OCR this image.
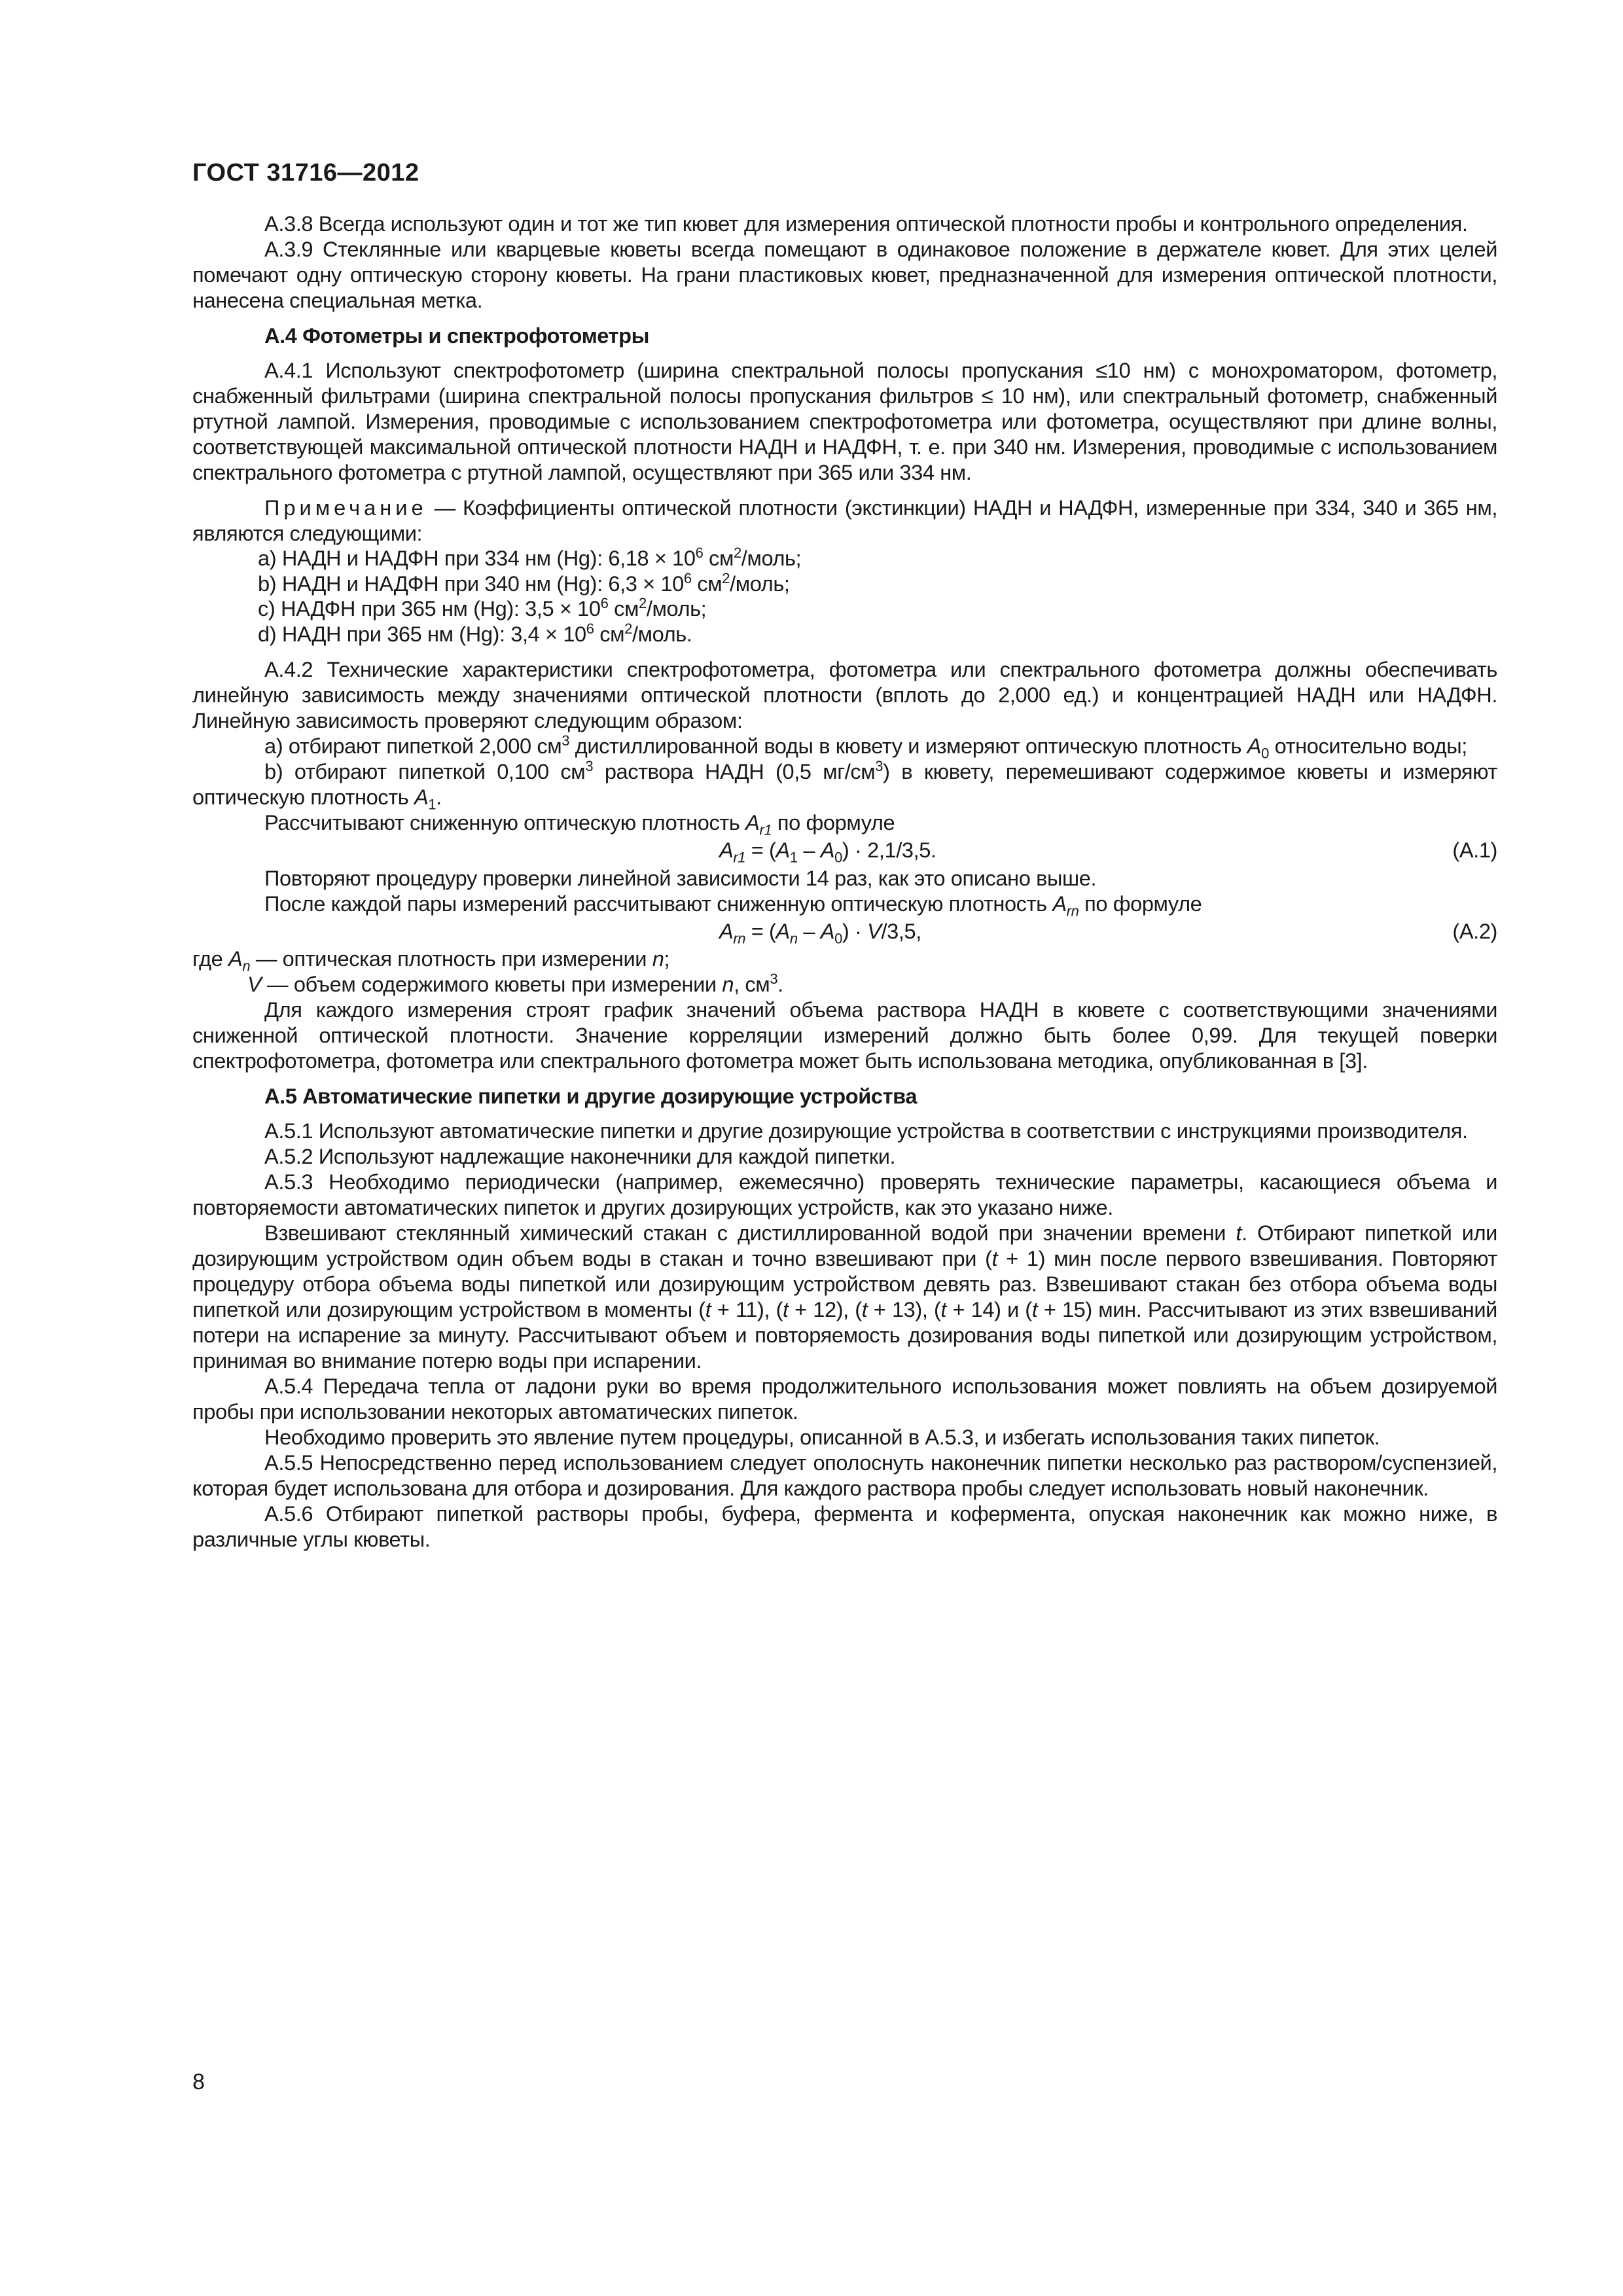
ГОСТ 31716—2012

А.3.8 Всегда используют один и тот же тип кювет для измерения оптической плотности пробы и контрольного определения.

А.3.9 Стеклянные или кварцевые кюветы всегда помещают в одинаковое положение в держателе кювет. Для этих целей помечают одну оптическую сторону кюветы. На грани пластиковых кювет, предназначенной для измерения оптической плотности, нанесена специальная метка.

А.4 Фотометры и спектрофотометры

А.4.1 Используют спектрофотометр (ширина спектральной полосы пропускания ≤10 нм) с монохроматором, фотометр, снабженный фильтрами (ширина спектральной полосы пропускания фильтров ≤ 10 нм), или спектральный фотометр, снабженный ртутной лампой. Измерения, проводимые с использованием спектрофотометра или фотометра, осуществляют при длине волны, соответствующей максимальной оптической плотности НАДН и НАДФН, т. е. при 340 нм. Измерения, проводимые с использованием спектрального фотометра с ртутной лампой, осуществляют при 365 или 334 нм.

Примечание — Коэффициенты оптической плотности (экстинкции) НАДН и НАДФН, измеренные при 334, 340 и 365 нм, являются следующими:

a) НАДН и НАДФН при 334 нм (Hg): $6,18 \times 10^6$ $см^2$/моль;
b) НАДН и НАДФН при 340 нм (Hg): $6,3 \times 10^6$ $см^2$/моль;
c) НАДФН при 365 нм (Hg): $3,5 \times 10^6$ $см^2$/моль;
d) НАДН при 365 нм (Hg): $3,4 \times 10^6$ $см^2$/моль.

А.4.2 Технические характеристики спектрофотометра, фотометра или спектрального фотометра должны обеспечивать линейную зависимость между значениями оптической плотности (вплоть до 2,000 ед.) и концентрацией НАДН или НАДФН. Линейную зависимость проверяют следующим образом:

a) отбирают пипеткой 2,000 $см^3$ дистиллированной воды в кювету и измеряют оптическую плотность $A_0$ относительно воды;

b) отбирают пипеткой 0,100 $см^3$ раствора НАДН (0,5 $мг/см^3$) в кювету, перемешивают содержимое кюветы и измеряют оптическую плотность $A_1$.

Рассчитывают сниженную оптическую плотность $A_{r1}$ по формуле

$A_{r1} = (A_1 - A_0) \cdot 2,1/3,5$.	(А.1)

Повторяют процедуру проверки линейной зависимости 14 раз, как это описано выше.

После каждой пары измерений рассчитывают сниженную оптическую плотность $A_{rn}$ по формуле

$A_{rn} = (A_n - A_0) \cdot V/3,5$,	(А.2)
где $A_n$ — оптическая плотность при измерении n;
V — объем содержимого кюветы при измерении n, $см^3$.

Для каждого измерения строят график значений объема раствора НАДН в кювете с соответствующими значениями сниженной оптической плотности. Значение корреляции измерений должно быть более 0,99. Для текущей поверки спектрофотометра, фотометра или спектрального фотометра может быть использована методика, опубликованная в [3].

А.5 Автоматические пипетки и другие дозирующие устройства

А.5.1 Используют автоматические пипетки и другие дозирующие устройства в соответствии с инструкциями производителя.

А.5.2 Используют надлежащие наконечники для каждой пипетки.

А.5.3 Необходимо периодически (например, ежемесячно) проверять технические параметры, касающиеся объема и повторяемости автоматических пипеток и других дозирующих устройств, как это указано ниже.

Взвешивают стеклянный химический стакан с дистиллированной водой при значении времени t. Отбирают пипеткой или дозирующим устройством один объем воды в стакан и точно взвешивают при (t + 1) мин после первого взвешивания. Повторяют процедуру отбора объема воды пипеткой или дозирующим устройством девять раз. Взвешивают стакан без отбора объема воды пипеткой или дозирующим устройством в моменты (t + 11), (t + 12), (t + 13), (t + 14) и (t + 15) мин. Рассчитывают из этих взвешиваний потери на испарение за минуту. Рассчитывают объем и повторяемость дозирования воды пипеткой или дозирующим устройством, принимая во внимание потерю воды при испарении.

А.5.4 Передача тепла от ладони руки во время продолжительного использования может повлиять на объем дозируемой пробы при использовании некоторых автоматических пипеток.

Необходимо проверить это явление путем процедуры, описанной в А.5.3, и избегать использования таких пипеток.

А.5.5 Непосредственно перед использованием следует ополоснуть наконечник пипетки несколько раз раствором/суспензией, которая будет использована для отбора и дозирования. Для каждого раствора пробы следует использовать новый наконечник.

А.5.6 Отбирают пипеткой растворы пробы, буфера, фермента и кофермента, опуская наконечник как можно ниже, в различные углы кюветы.

8
